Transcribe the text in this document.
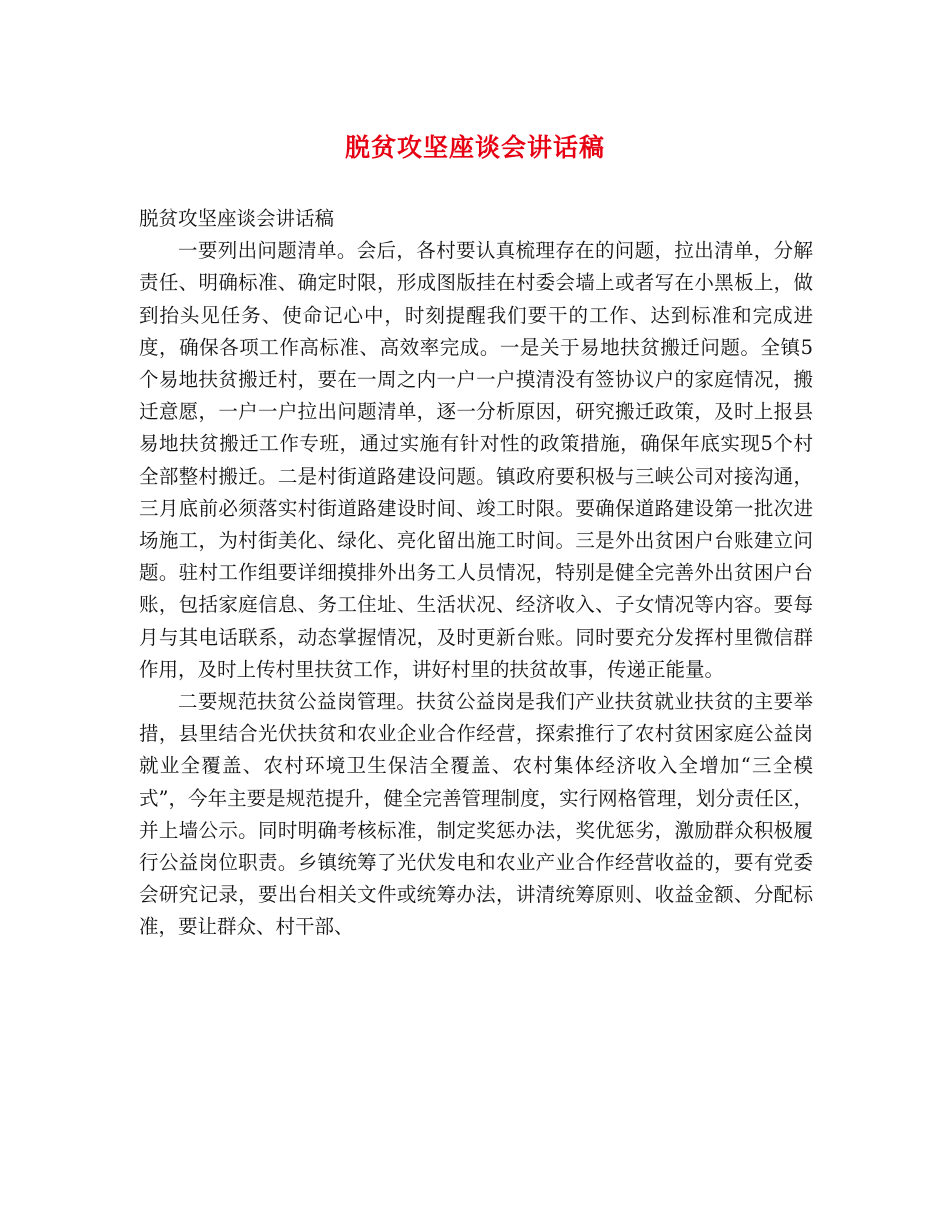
脱贫攻坚座谈会讲话稿

脱贫攻坚座谈会讲话稿

一要列出问题清单。会后，各村要认真梳理存在的问题，拉出清单，分解责任、明确标准、确定时限，形成图版挂在村委会墙上或者写在小黑板上，做到抬头见任务、使命记心中，时刻提醒我们要干的工作、达到标准和完成进度，确保各项工作高标准、高效率完成。一是关于易地扶贫搬迁问题。全镇5个易地扶贫搬迁村，要在一周之内一户一户摸清没有签协议户的家庭情况，搬迁意愿，一户一户拉出问题清单，逐一分析原因，研究搬迁政策，及时上报县易地扶贫搬迁工作专班，通过实施有针对性的政策措施，确保年底实现5个村全部整村搬迁。二是村街道路建设问题。镇政府要积极与三峡公司对接沟通，三月底前必须落实村街道路建设时间、竣工时限。要确保道路建设第一批次进场施工，为村街美化、绿化、亮化留出施工时间。三是外出贫困户台账建立问题。驻村工作组要详细摸排外出务工人员情况，特别是健全完善外出贫困户台账，包括家庭信息、务工住址、生活状况、经济收入、子女情况等内容。要每月与其电话联系，动态掌握情况，及时更新台账。同时要充分发挥村里微信群作用，及时上传村里扶贫工作，讲好村里的扶贫故事，传递正能量。

二要规范扶贫公益岗管理。扶贫公益岗是我们产业扶贫就业扶贫的主要举措，县里结合光伏扶贫和农业企业合作经营，探索推行了农村贫困家庭公益岗就业全覆盖、农村环境卫生保洁全覆盖、农村集体经济收入全增加“三全模式”，今年主要是规范提升，健全完善管理制度，实行网格管理，划分责任区，并上墙公示。同时明确考核标准，制定奖惩办法，奖优惩劣，激励群众积极履行公益岗位职责。乡镇统筹了光伏发电和农业产业合作经营收益的，要有党委会研究记录，要出台相关文件或统筹办法，讲清统筹原则、收益金额、分配标准，要让群众、村干部、
